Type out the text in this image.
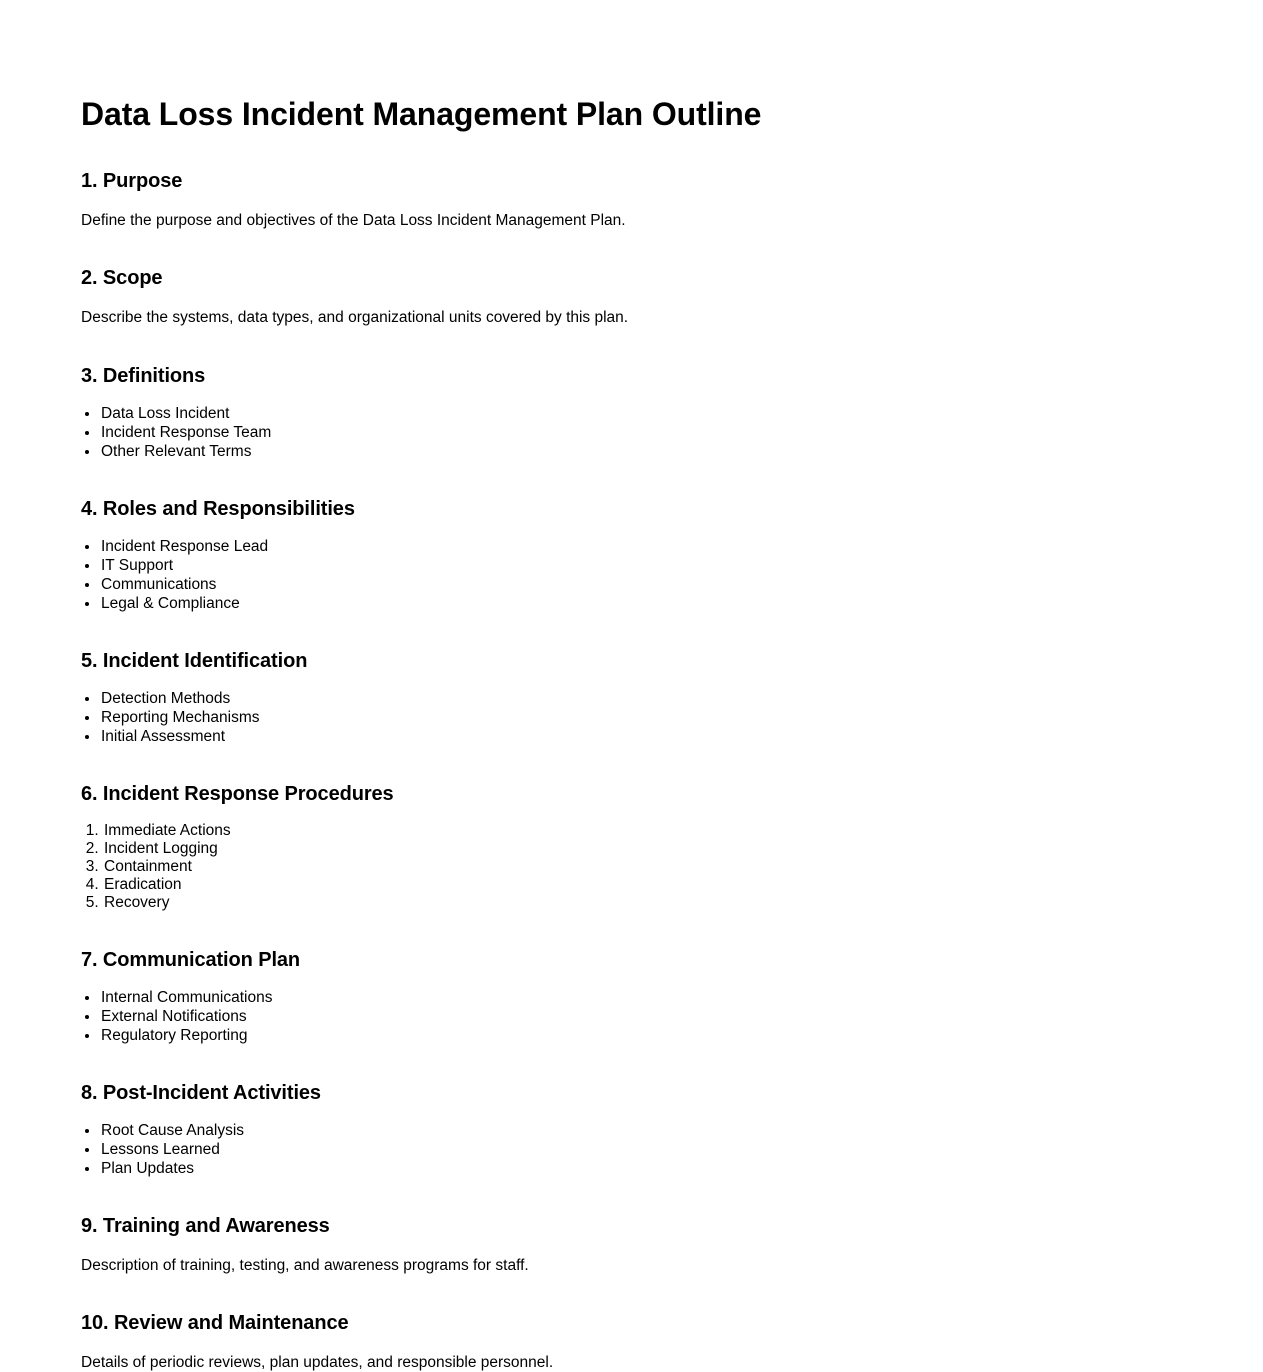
Data Loss Incident Management Plan Outline
1. Purpose

Define the purpose and objectives of the Data Loss Incident Management Plan.

2. Scope

Describe the systems, data types, and organizational units covered by this plan.

3. Definitions
• Data Loss Incident
• Incident Response Team
• Other Relevant Terms
4. Roles and Responsibilities
• Incident Response Lead
• IT Support
• Communications
• Legal & Compliance
5. Incident Identification
• Detection Methods
• Reporting Mechanisms
• Initial Assessment
6. Incident Response Procedures
1. Immediate Actions
2. Incident Logging
3. Containment
4. Eradication
5. Recovery
7. Communication Plan
• Internal Communications
• External Notifications
• Regulatory Reporting
8. Post-Incident Activities
• Root Cause Analysis
• Lessons Learned
• Plan Updates
9. Training and Awareness

Description of training, testing, and awareness programs for staff.

10. Review and Maintenance

Details of periodic reviews, plan updates, and responsible personnel.
